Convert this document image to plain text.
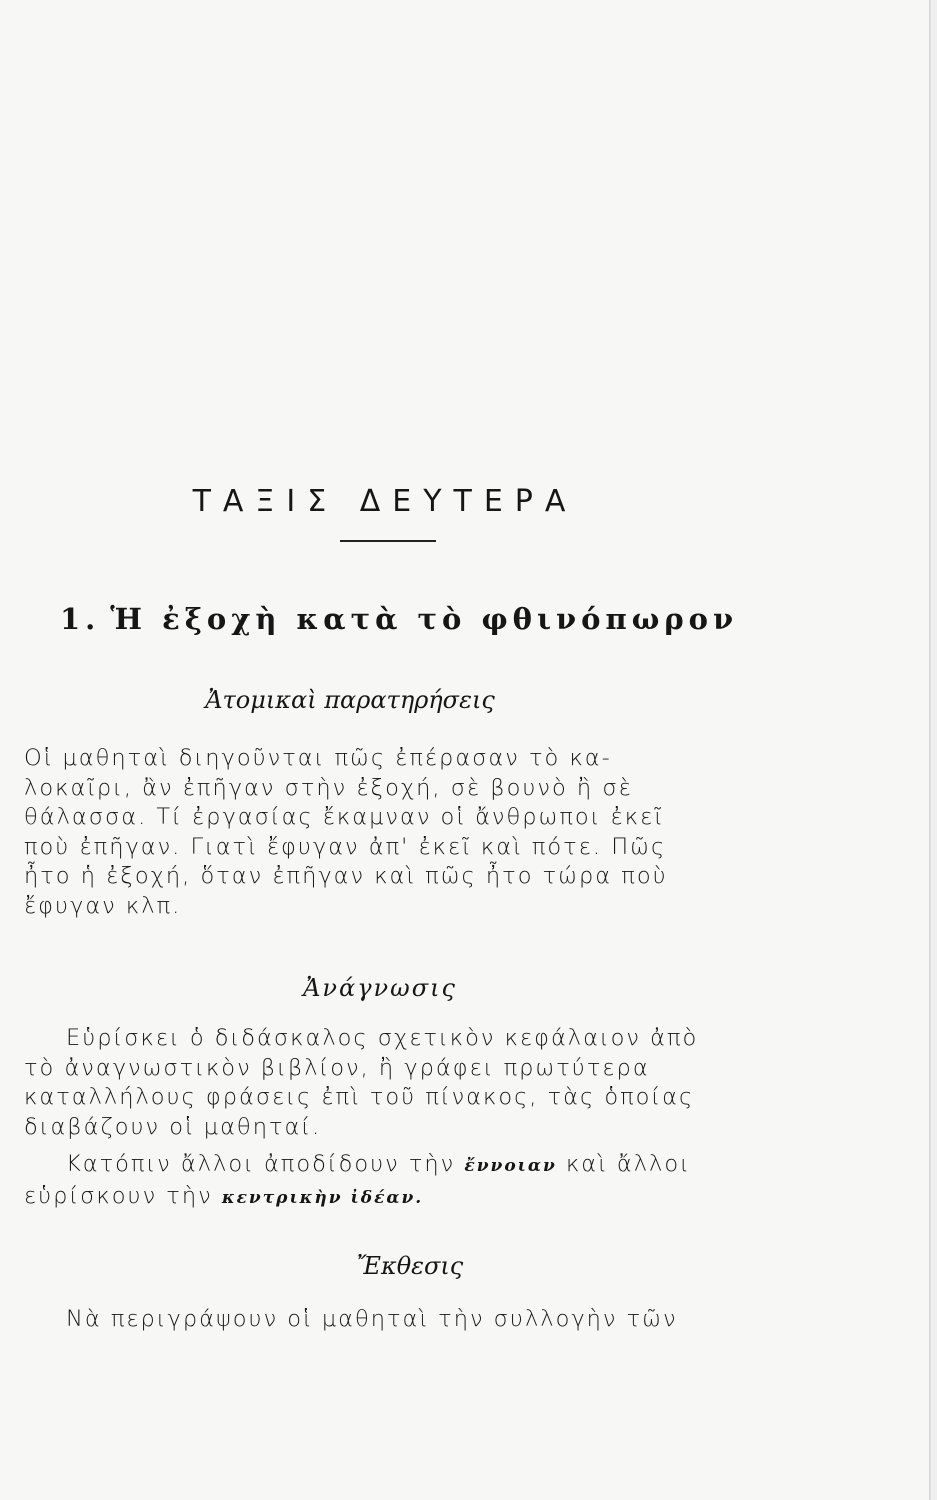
ΤΑΞΙΣ ΔΕΥΤΕΡΑ
1. Ἡ ἐξοχὴ κατὰ τὸ φθινόπωρον
Ἀτομικαὶ παρατηρήσεις
Οἱ μαθηταὶ διηγοῦνται πῶς ἐπέρασαν τὸ κα-
λοκαῖρι, ἂν ἐπῆγαν στὴν ἐξοχή, σὲ βουνὸ ἢ σὲ
θάλασσα. Τί ἐργασίας ἔκαμναν οἱ ἄνθρωποι ἐκεῖ
ποὺ ἐπῆγαν. Γιατὶ ἔφυγαν ἀπ' ἐκεῖ καὶ πότε. Πῶς
ἦτο ἡ ἐξοχή, ὅταν ἐπῆγαν καὶ πῶς ἦτο τώρα ποὺ
ἔφυγαν κλπ.
Ἀνάγνωσις
Εὑρίσκει ὁ διδάσκαλος σχετικὸν κεφάλαιον ἀπὸ
τὸ ἀναγνωστικὸν βιβλίον, ἢ γράφει πρωτύτερα
καταλλήλους φράσεις ἐπὶ τοῦ πίνακος, τὰς ὁποίας
διαβάζουν οἱ μαθηταί.
Κατόπιν ἄλλοι ἀποδίδουν τὴν ἔννοιαν καὶ ἄλλοι
εὑρίσκουν τὴν κεντρικὴν ἰδέαν.
Ἔκθεσις
Νὰ περιγράψουν οἱ μαθηταὶ τὴν συλλογὴν τῶν
